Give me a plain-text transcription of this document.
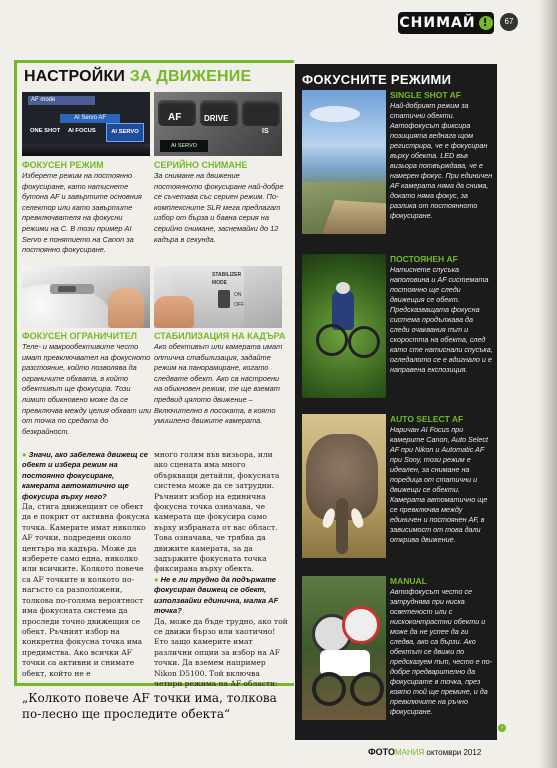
СНИМАЙ !	67
НАСТРОЙКИ ЗА ДВИЖЕНИЕ
AF mode
AI Servo AF
ONE SHOT	AI FOCUS	AI SERVO
AF	DRIVE
IS
AI SERVO
ФОКУСЕН РЕЖИМ
Изберете режим на постоянно фокусиране, като натиснете бутона AF и завъртите основния селектор или като завъртите превключвателя на фокусни режими на С. В този пример AI Servo е понятието на Canon за постоянно фокусиране.
СЕРИЙНО СНИМАНЕ
За снимане на движение постоянното фокусиране най-добре се съчетава със сериен режим. По-комплексните SLR мега предлагат избор от бърза и бавна серия на серийно снимане, заснемайки до 12 кадъра в секунда.
STABILIZER
MODE
ON
OFF
ФОКУСЕН ОГРАНИЧИТЕЛ
Теле- и макрообективите често имат превключвател на фокусното разстояние, който позволява да ограничите обхвата, в който обективът ще фокусира. Този лимит обикновено може да се превключва между целия обхват или от точка по средата до безкрайност.
СТАБИЛИЗАЦИЯ НА КАДЪРА
Ако обективът или камерата имат оптична стабилизация, задайте режим на панорамиране, когато следвате обект. Ако са настроени на обикновен режим, те ще вземат предвид цялото движение – Включително в посоката, в която умишлено движите камерата.
● Значи, ако забележа движещ се обект и избера режим на постоянно фокусиране, камерата автоматично ще фокусира върху него?
Да, стига движещият се обект да е покрит от активна фокусна точка. Камерите имат няколко AF точки, подредени около центъра на кадъра. Може да изберете само една, няколко или всичките. Колкото повече са AF точките и колкото по-нагъсто са разположени, толкова по-голяма вероятност има фокусната система да проследи точно движещия се обект. Ръчният избор на конкретна фокусна точка има предимства. Ако всички AF точки са активни и снимате обект, който не е
много голям във визьора, или ако сцената има много объркващи детайли, фокусната система може да се затрудни. Ръчният избор на единична фокусна точка означава, че камерата ще фокусира само върху избраната от вас област. Това означава, че трябва да движите камерата, за да задържите фокусната точка фиксирана върху обекта.
● Не е ли трудно да подържате фокусиран движещ се обект, използвайки единична, малка AF точка?
Да, може да бъде трудно, ако той се движи бързо или хаотично! Ето защо камерите имат различни опции за избор на AF точки. Да вземем например Nikon D5100. Той включва четири режима на AF области:
„Колкото повече AF точки има, толкова по-лесно ще проследите обекта“
ФОКУСНИТЕ РЕЖИМИ
SINGLE SHOT AF
Най-добрият режим за статични обекти. Автофокусът фиксира позицията веднага щом регистрира, че е фокусиран върху обекта. LED във визьора потвърждава, че е намерен фокус. При единичен AF камерата няма да снима, докато няма фокус, за разлика от постоянното фокусиране.
ПОСТОЯНЕН AF
Натиснете спусъка наполовина и AF системата постоянно ще следи движещия се обект. Предсказващата фокусна система продължава да следи очаквания път и скоростта на обекта, след като сте натиснали спусъка, огледалото се е вдигнало и е направена експозиция.
AUTO SELECT AF
Наричан AI Focus при камерите Canon, Auto Select AF при Nikon и Automatic AF при Sony, този режим е идеален, за снимане на поредица от статични и движещи се обекти. Камерата автоматично ще се превключва между единичен и постоянен AF, в зависимост от това дали открива движение.
MANUAL
Автофокусът често се затруднява при ниска осветеност или с нискоконтрастни обекти и може да не успее да ги следва, ако са бързи. Ако обектът се движи по предсказуем път, често е по-добре предварително да фокусирате в точка, през която той ще премине, и да превключите на ръчно фокусиране.
›
ФОТОМАНИЯ октомври 2012
